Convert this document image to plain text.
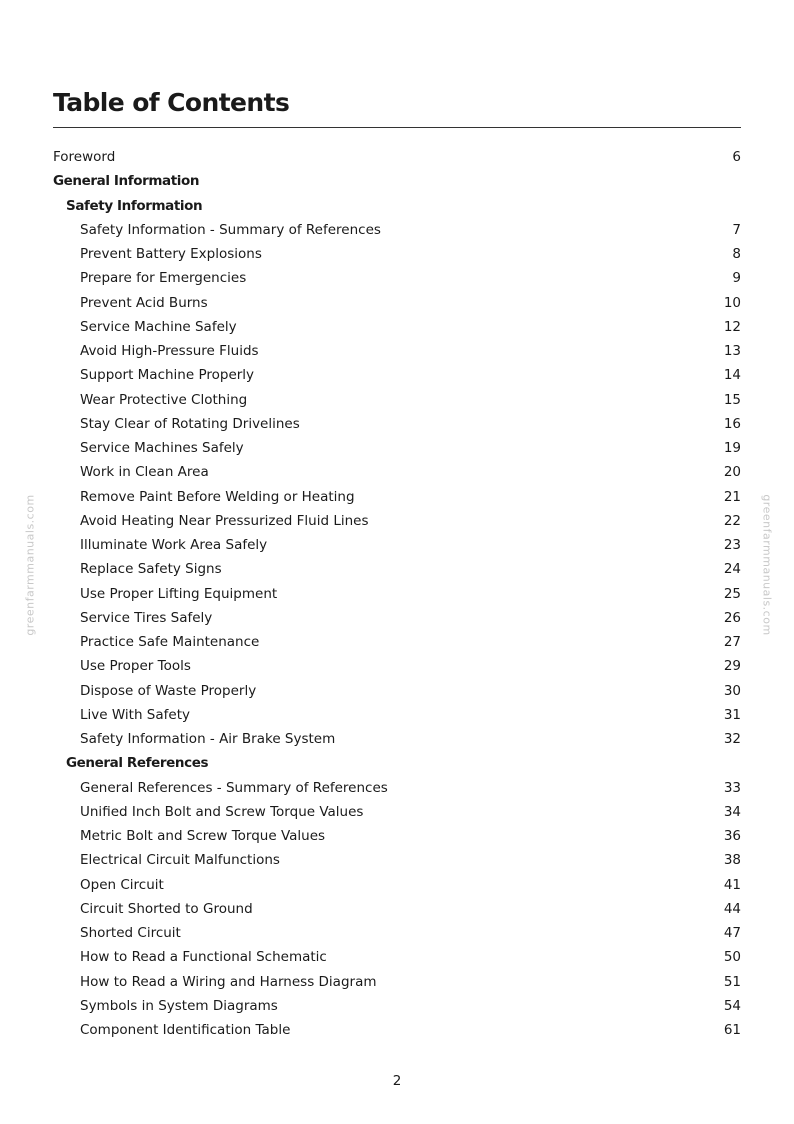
Table of Contents
Foreword	6
General Information
Safety Information
Safety Information - Summary of References	7
Prevent Battery Explosions	8
Prepare for Emergencies	9
Prevent Acid Burns	10
Service Machine Safely	12
Avoid High-Pressure Fluids	13
Support Machine Properly	14
Wear Protective Clothing	15
Stay Clear of Rotating Drivelines	16
Service Machines Safely	19
Work in Clean Area	20
Remove Paint Before Welding or Heating	21
Avoid Heating Near Pressurized Fluid Lines	22
Illuminate Work Area Safely	23
Replace Safety Signs	24
Use Proper Lifting Equipment	25
Service Tires Safely	26
Practice Safe Maintenance	27
Use Proper Tools	29
Dispose of Waste Properly	30
Live With Safety	31
Safety Information - Air Brake System	32
General References
General References - Summary of References	33
Unified Inch Bolt and Screw Torque Values	34
Metric Bolt and Screw Torque Values	36
Electrical Circuit Malfunctions	38
Open Circuit	41
Circuit Shorted to Ground	44
Shorted Circuit	47
How to Read a Functional Schematic	50
How to Read a Wiring and Harness Diagram	51
Symbols in System Diagrams	54
Component Identification Table	61
greenfarmmanuals.com	greenfarmmanuals.com
2
